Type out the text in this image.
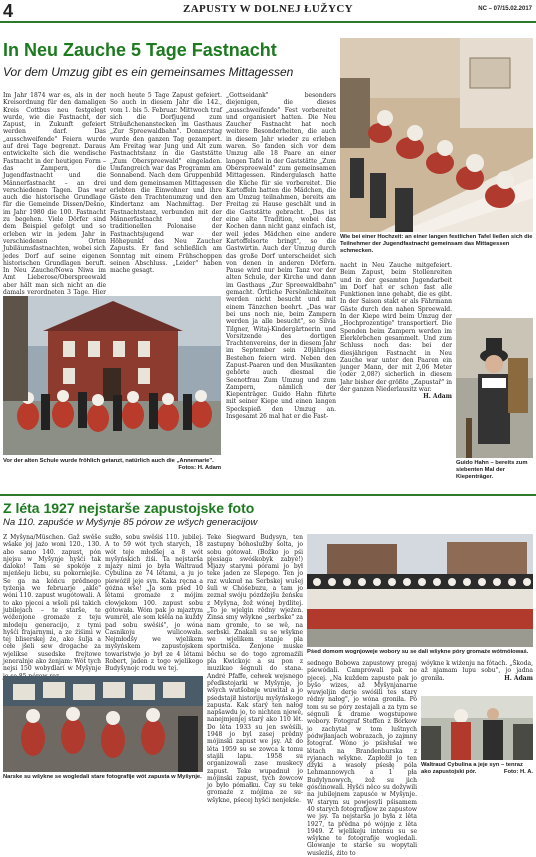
4	ZAPUSTY W DOLNEJ ŁUŽYCY	NC – 07/15.02.2017
In Neu Zauche 5 Tage Fastnacht
Vor dem Umzug gibt es ein gemeinsames Mittagessen
Wie bei einer Hochzeit: an einer langen festlichen Tafel ließen sich die Teilnehmer der Jugendfastnacht gemeinsam das Mittagessen schmecken.
Im Jahr 1874 war es, als in der Kreisordnung für den damaligen Kreis Cottbus neu festgelegt wurde, wie die Fastnacht, der Zapust, in Zukunft gefeiert werden darf. Das „ausschweifende" Feiern wurde auf drei Tage begrenzt. Daraus entwickelte sich die wendische Fastnacht in der heutigen Form – das Zampern, die Jugendfastnacht und die Männerfastnacht – an drei verschiedenen Tagen. Das war auch die historische Grundlage für die Gemeinde Dissen/Dešno, im Jahr 1980 die 100. Fastnacht zu begehen. Viele Dörfer sind dem Beispiel gefolgt und so erleben wir in jedem Jahr in verschiedenen Orten Jubiläumsfastnachten, wobei sich jedes Dorf auf seine eigenen historischen Grundlagen beruft. In Neu Zauche/Nowa Niwa im Amt Lieberose/Oberspreewald aber hält man sich nicht an die damals verordneten 3 Tage. Hier
noch heute 5 Tage Zapust gefeiert. So auch in diesem Jahr die 142., vom 1. bis 5. Februar. Mittwoch traf sich die Dorfjugend zum Sträußchenanstecken im Gasthaus „Zur Spreewaldbahn". Donnerstag wurde den ganzen Tag gezampert. Am Freitag war Jung und Alt zum Fastnachtstanz in die Gaststätte „Zum Oberspreewald" eingeladen. Umfangreich war das Programm am Sonnabend. Nach dem Gruppenbild und dem gemeinsamen Mittagessen erlebten die Einwohner und ihre Gäste den Trachtenumzug und den Kindertanz am Nachmittag. Der Fastnachtstanz, verbunden mit der Männerfastnacht und der traditionellen Polonaise der Fastnachtsjugend war der Höhepunkt des Neu Zaucher Zapusts. Er fand schließlich am Sonntag mit einem Frühschoppen seinen Abschluss. „Leider" haben mache gesagt.
„Gottseidank" besonders diejenigen, die dieses „ausschweifende" Fest vorbereitet und organisiert hatten. Die Neu Zaucher Fastnacht hat noch weitere Besonderheiten, die auch in diesem Jahr wieder zu erleben waren. So fanden sich vor dem Umzug alle 18 Paare an einer langen Tafel in der Gaststätte „Zum Oberspreewald" zum gemeinsamen Mittagessen. Rindergulasch hatte die Küche für sie vorbereitet. Die Kartoffeln hatten die Mädchen, die am Umzug teilnahmen, bereits am Freitag zu Hause geschält und in die Gaststätte gebracht. „Das ist eine alte Tradition, wobei das Kochen dann nicht ganz einfach ist, weil jedes Mädchen eine andere Kartoffelsorte bringt", so die Gastwirtin. Auch der Umzug durch das große Dorf unterscheidet sich von denen in anderen Dörfern. Pause wird nur beim Tanz vor der alten Schule, der Kirche und dann im Gasthaus „Zur Spreewaldbahn" gemacht. Örtliche Persönlichkeiten werden nicht besucht und mit einem Tänzchen beehrt. „Das war bei uns noch nie, beim Zampern werden ja alle besucht", so Silvia Tilgner, Witaj-Kindergärtnerin und Vorsitzende des dortigen Trachtenvereins, der in diesem Jahr im September sein 20jähriges Bestehen feiern wird. Neben den Zapust-Paaren und den Musikanten gehörte auch diesmal die Seenotfrau Zum Umzug und zum Zampern, nämlich der Kiepenträger. Guido Hahn führte mit seiner Kiepe und einen langen Speckspieß den Umzug an. Insgesamt 26 mal hat er die Fast-
Vor der alten Schule wurde fröhlich getanzt, natürlich auch die „Annemarie".
Fotos: H. Adam
nacht in Neu Zauche mitgefeiert. Beim Zapust, beim Stollenreiten und in der gesamten Jugendarbeit im Dorf hat er schon fast alle Funktionen inne gehabt, die es gibt. In der Saison stakt er als Fährmann Gäste durch den nahen Spreewald. In der Kiepe wird beim Umzug der „Hochprozentige" transportiert. Die Spenden beim Zampern werden im Eierkörbchen gesammelt. Und zum Schluss noch das: bei der diesjährigen Fastnacht in Neu Zauche war unter den Paaren ein junger Mann, der mit 2,06 Meter (oder 2,08?) sicherlich in diesem Jahr bisher der größte „Zapustař" in der ganzen Niederlausitz war.
H. Adam
Guido Hahn – bereits zum siebenten Mal der Kiepenträger.
Z léta 1927 nejstarše zapustojske foto
Na 110. zapušće w Myšynje 85 pórow ze wšych generacijow
Z Myšyna/Müschen. Gaž swěše wšake joj jaźo woni 120., 130. abo samo 140. zapust, pón njejsu w Myšynje hyšći tak daloko! Tam se spokóje z mjeńšeju licbu, su pokorniejše. Se ga na kóńcu prědnego tyźenja we februarje „akle" wóni 110. zapust wugótowali. A to ako pjecoi a wšoli pśi takich jubilejach – te starše, te wóženjone gromaźe z teju młodeju generacijo, z tymi hyšći frajarnymi, a ze źiśimi w tej bliserskej źe, ako šulja a cełe jšeli sew drogache za wjelikse susedske frejtowe jeneralnje ako żenjam: Wót tych nejsi 150 wobydlarí w Myšynje
sužło, sobu swěśiś 110. jubilej. A to 59 wót tych starych, 18 wót teje młodšej a 8 wót myšyńskich źiśi. Ta nejstarša mjazy nimi jo była Waltraud Cybulina ze 74 lětami, a ju jo piewóźił jeje syn. Kaka ręcna a góźna wše! „Ja som pśed 10 lětami gromaźe z mójim cłowjekom 100. zapust sobu gótowała. Wóm pak jo mjaztym wumrěł, ale som kśěla na kuždy pad sobu swěśiś", jo wóna Casnikoju wulicowała. Nejmłodšy we wjelikem myšyńskem zapustojskem towaristwje jo był ze 4 lětami Robert, jaden z togo wjelikego Budyšynojc rodu we tej.
Teke Siegward Budysyn, ten zastupny bóhoslužby šolta, jo sobu gótował. (Božko jo pśi pjesiaga swóśkobyk zabyé!) Mjazy starymi pórami jo był teke jaden ze Slepego. Ten jo raz wuknuł na Serbskej wušej šuli w Chóśebuzu, a tam jo zeznał swóju pózdźejšu žeńsku z Myšyna, žož wónej bydlitej. „To je wjelgin rědny wjeźen. Zinsa smy wšykne „serbske" za nam gromłe, to se wě, na serbski. Znakali su se wšykne we wjelikem stanje pla sportnišća. Źenjone muske běchu se do togo zgromaźili pla Kwickojc a su pon z muzikuo šegnuli do stana. André Pfaffe, cełwek wejsnego předkstojarki w Myšynje, jo wšych wutšobnje wuwitał a jo pśedstajił historiju myšyńskego zapusta. Kak starý ten nałog napšawdu jo, to nichten njewě, nanejmjenjej starý ako 110 lět. Do lěta 1933 su jen swěśili, 1948 jo byl zasej prědny mójinski zapust we jsy. Až do lěta 1959 su se zowca k tomu stajili lapu. 1958 su organizowali zase muskecy zapust. Teke wupadnuł jo mójinski zapust, tych źowcow jo było pómałku. Cay su teke gromaźe z mójima ze su- wšykne, pśecej hyšći nenjekśe.
Pśed domom wognjoweje wobory su se dali wšykne póry gromaźe wótmólowaś.
sednego Bobowa zapustowy pregaj pśewódali. Camprowali pak ne pjecej. „Na kuždem zapuste pak jo byšo wizes, až Myšynjanarne wuwjeljin derje swóśili tes stary rědny nałog", jo wóna groniła. Pó tom su se póry zestajali a za tym se ségnuli k drame wogstupowe wobory. Fotograf Steffen z Bórkow jo zachytał w tom luštnych pódwjłanjach wobrazach, jo zajmny fotograf. Wóno jo pśisłušał we lětach na Brandenburska z ryjanach wšykne. Zapłožił jo ten džyki a wasoły pśesłę póla Lehmannowych a 1 pła Budylynowych, żož su jich gósćinowali. Hyšći něco su dožywili na jubilejnem zapusće w Myšynje. W starym su powjesyli pśisamem 40 starych fotografijow ze zapustow we jsy. Ta nejstarša jo była z lěta 1927, ta přědna pó wójnje z lěta 1949. Z wjelikeju intensu su se wšykne te fotografije wogledali. Glowanje te starše su wopytali wusleźiś, źito to
wóykne k wiżenju na fótach. „Škoda, až njamam lupu sobu", jo jadna groniła.	H. Adam
Waltraud Cybulina a jeje syn – tenraz ako zapustojski pór.	Foto: H. A.
Narske su wšykne se wogledali stare fotografije wót zapusta w Myšynje.
